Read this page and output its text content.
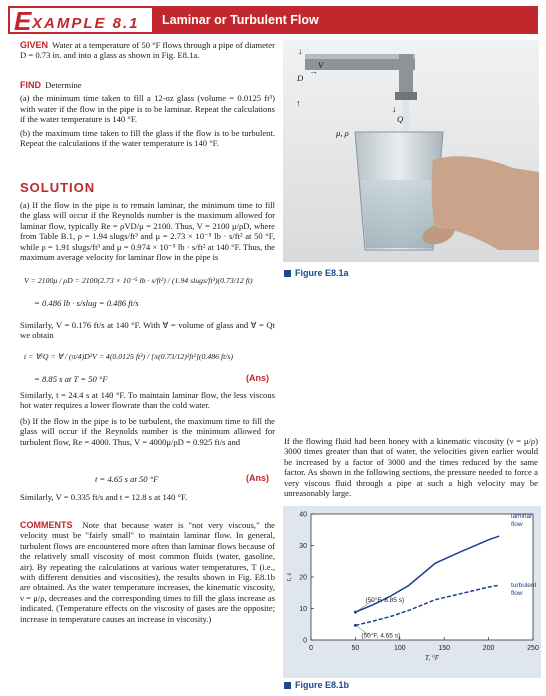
E XAMPLE 8.1	Laminar or Turbulent Flow
GIVEN Water at a temperature of 50 °F flows through a pipe of diameter D = 0.73 in. and into a glass as shown in Fig. E8.1a.
FIND Determine
(a) the minimum time taken to fill a 12-oz glass (volume = 0.0125 ft³) with water if the flow in the pipe is to be laminar. Repeat the calculations if the water temperature is 140 °F.
(b) the maximum time taken to fill the glass if the flow is to be turbulent. Repeat the calculations if the water temperature is 140 °F.
SOLUTION
(a) If the flow in the pipe is to remain laminar, the minimum time to fill the glass will occur if the Reynolds number is the maximum allowed for laminar flow, typically Re = ρVD/μ = 2100. Thus, V = 2100 μ/ρD, where from Table B.1, ρ = 1.94 slugs/ft³ and μ = 2.73 × 10⁻⁵ lb · s/ft² at 50 °F, while ρ = 1.91 slugs/ft³ and μ = 0.974 × 10⁻⁵ lb · s/ft² at 140 °F. Thus, the maximum average velocity for laminar flow in the pipe is
V = 2100μ / ρD = 2100(2.73 × 10⁻⁵ lb · s/ft²) / (1.94 slugs/ft³)(0.73/12 ft)
= 0.486 lb · s/slug = 0.486 ft/s
Similarly, V = 0.176 ft/s at 140 °F. With ∀ = volume of glass and ∀ = Qt we obtain
t = ∀/Q = ∀ / (π/4)D²V = 4(0.0125 ft³) / [π(0.73/12)²ft²](0.486 ft/s)
= 8.85 s at T = 50 °F	(Ans)
Similarly, t = 24.4 s at 140 °F. To maintain laminar flow, the less viscous hot water requires a lower flowrate than the cold water.
(b) If the flow in the pipe is to be turbulent, the maximum time to fill the glass will occur if the Reynolds number is the minimum allowed for turbulent flow, Re = 4000. Thus, V = 4000μ/ρD = 0.925 ft/s and
t = 4.65 s at 50 °F	(Ans)
Similarly, V = 0.335 ft/s and t = 12.8 s at 140 °F.
COMMENTS Note that because water is "not very viscous," the velocity must be "fairly small" to maintain laminar flow. In general, turbulent flows are encountered more often than laminar flows because of the relatively small viscosity of most common fluids (water, gasoline, air). By repeating the calculations at various water temperatures, T (i.e., with different densities and viscosities), the results shown in Fig. E8.1b are obtained. As the water temperature increases, the kinematic viscosity, ν = μ/ρ, decreases and the corresponding times to fill the glass increase as indicated. (Temperature effects on the viscosity of gases are the opposite; increase in temperature causes an increase in viscosity.)
↓
↑
D
V
→
Q
↓
μ, ρ
Figure E8.1a
If the flowing fluid had been honey with a kinematic viscosity (ν = μ/ρ) 3000 times greater than that of water, the velocities given earlier would be increased by a factor of 3000 and the times reduced by the same factor. As shown in the following sections, the pressure needed to force a very viscous fluid through a pipe at such a high velocity may be unreasonably large.
0	50	100	150	200	250
0
10
20
30
40
T, °F
t, s
laminar
flow
turbulent
flow
(50°F, 8.85 s)
(50°F, 4.65 s)
Figure E8.1b
